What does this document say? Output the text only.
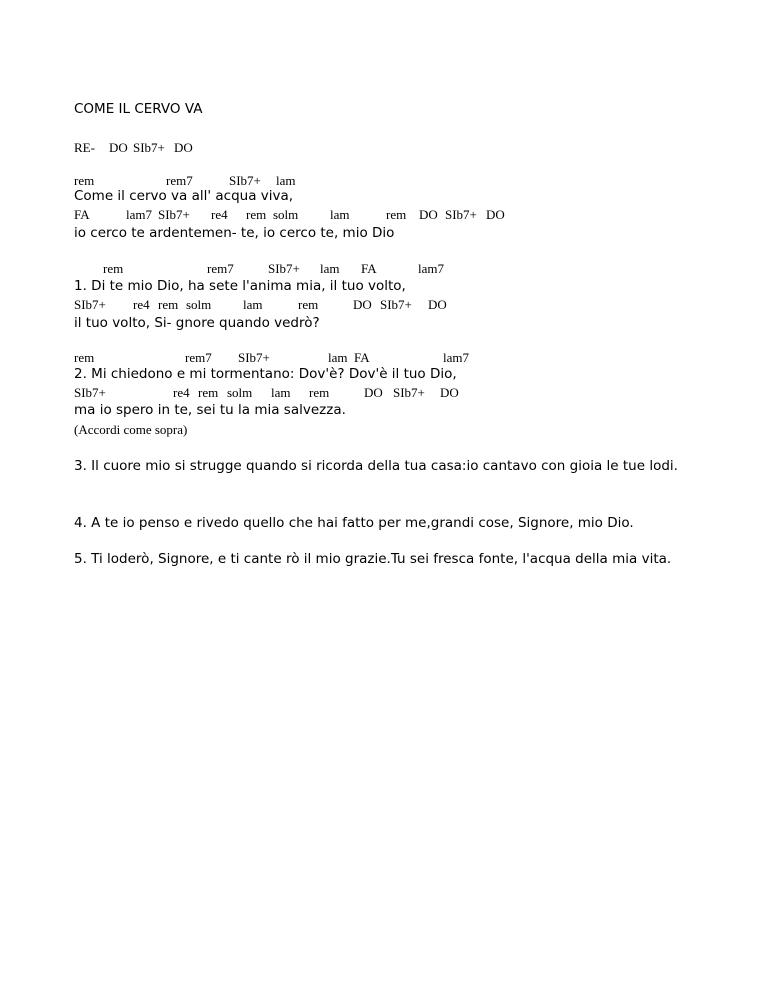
COME IL CERVO VA
RE- DO SIb7+ DO
rem	rem7	SIb7+ lam
Come il cervo va all' acqua viva,
FA	lam7 SIb7+ re4 rem solm lam	rem DO SIb7+ DO
io cerco te ardentemen- te, io cerco te, mio Dio
rem	rem7	SIb7+ lam FA	lam7
1. Di te mio Dio, ha sete l'anima mia, il tuo volto,
SIb7+ re4 rem solm lam	rem	DO SIb7+ DO
il tuo volto, Si- gnore quando vedrò?
rem	rem7 SIb7+	lam FA	lam7
2. Mi chiedono e mi tormentano: Dov'è? Dov'è il tuo Dio,
SIb7+	re4 rem solm lam rem	DO SIb7+ DO
ma io spero in te, sei tu la mia salvezza.
(Accordi come sopra)
3. Il cuore mio si strugge quando si ricorda della tua casa:io cantavo con gioia le tue lodi.
4. A te io penso e rivedo quello che hai fatto per me,grandi cose, Signore, mio Dio.
5. Ti loderò, Signore, e ti cante rò il mio grazie.Tu sei fresca fonte, l'acqua della mia vita.
